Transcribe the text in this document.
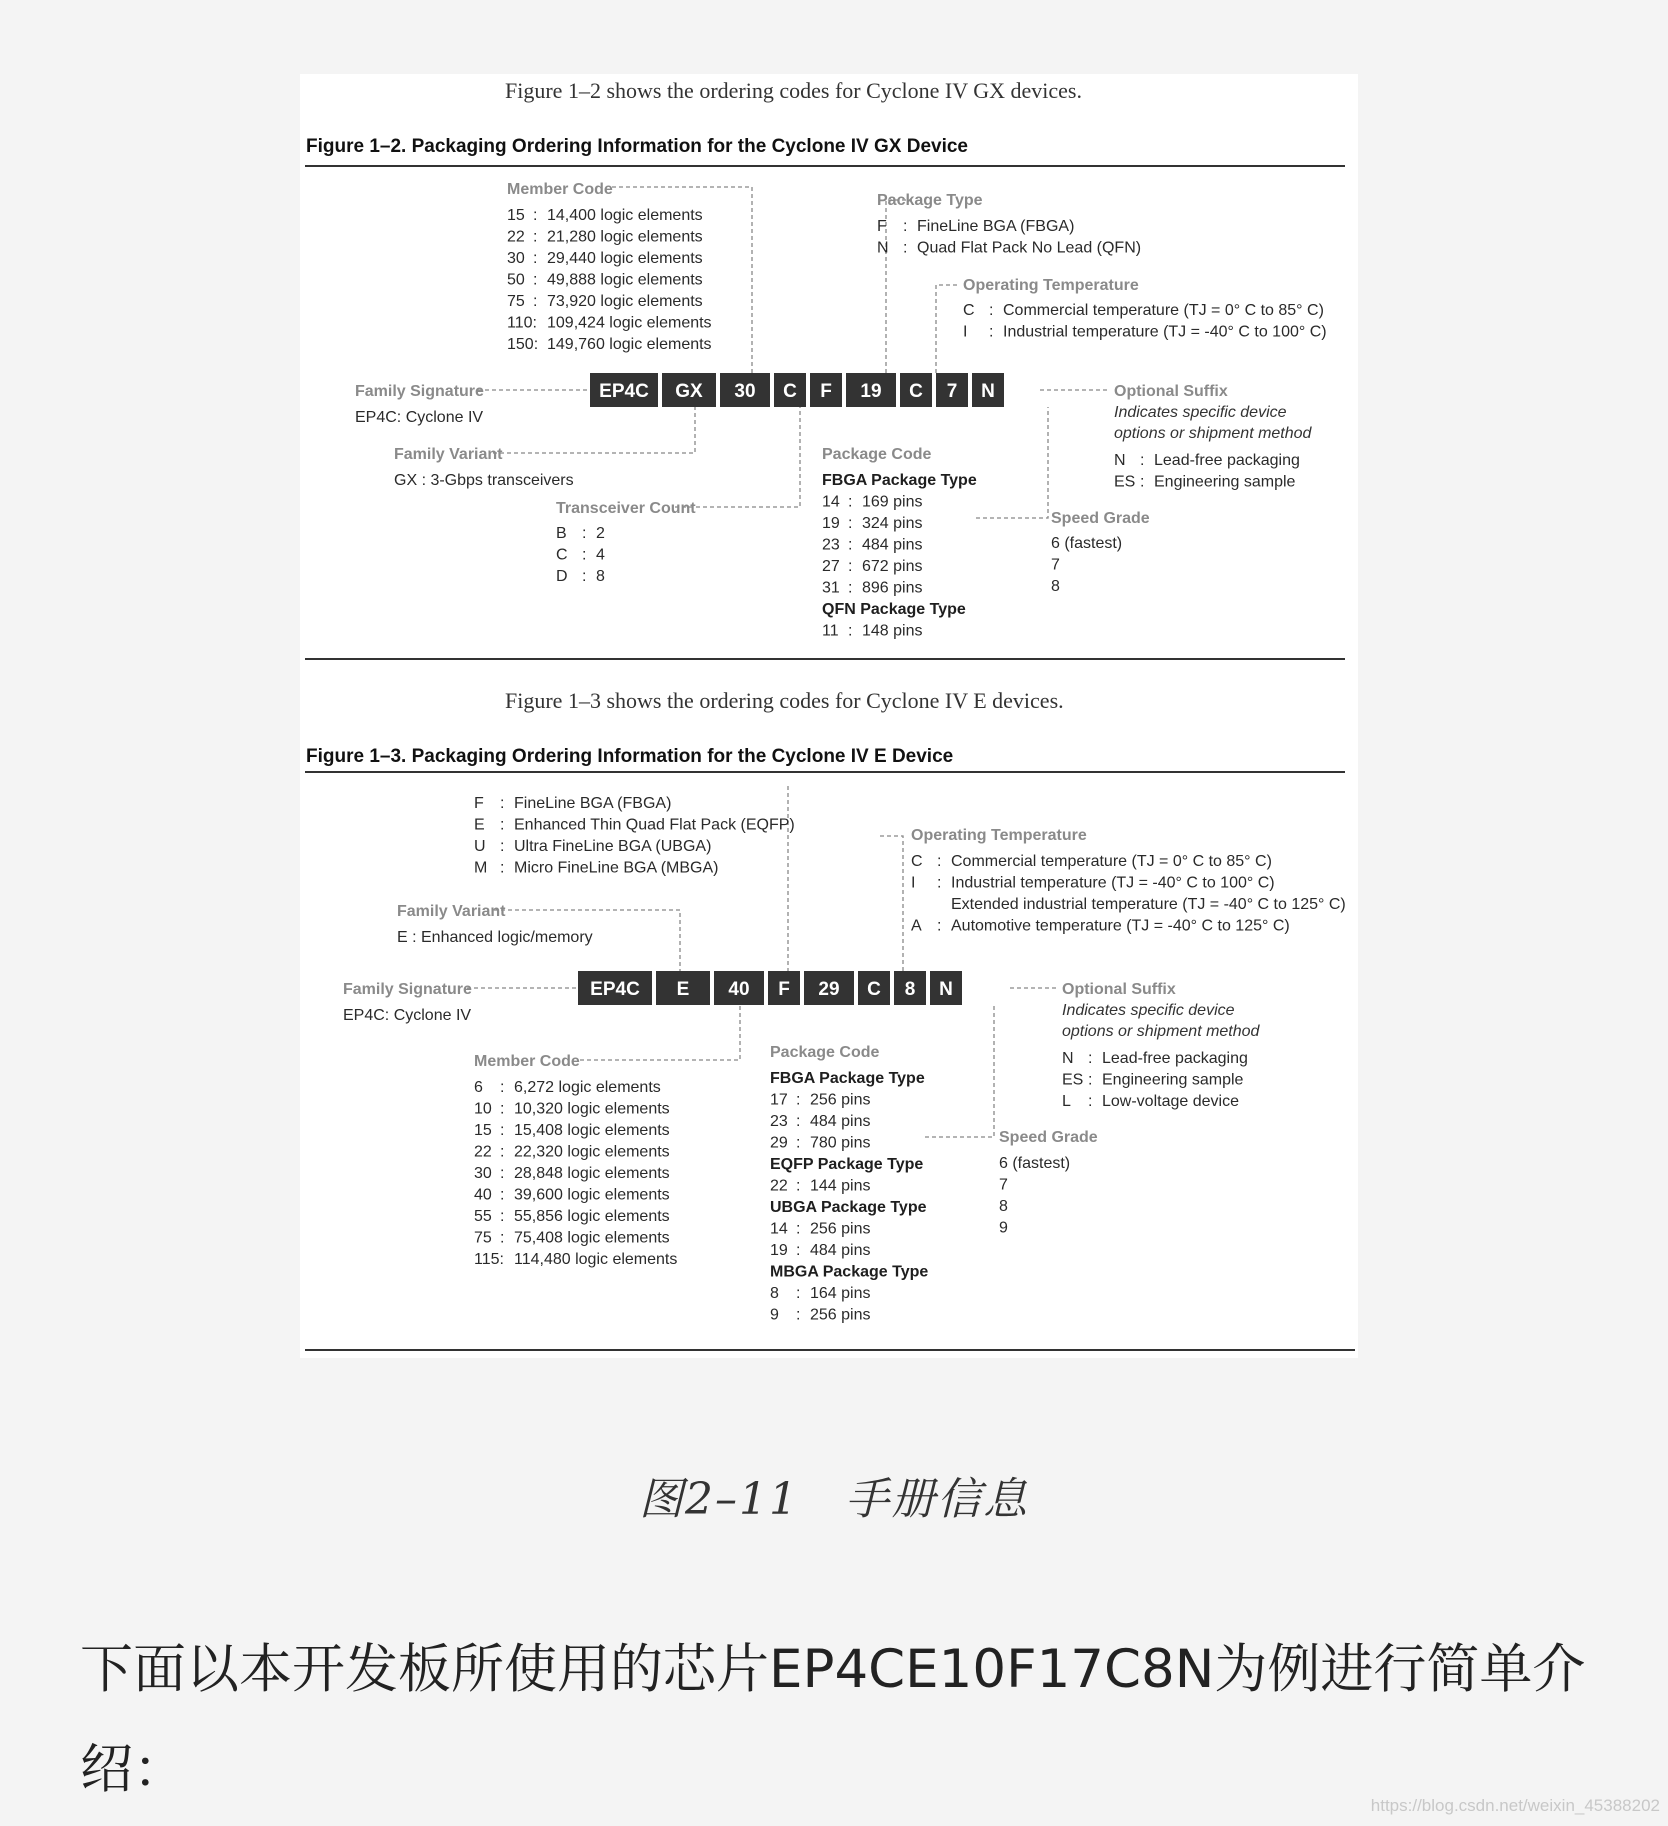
Figure 1–2 shows the ordering codes for Cyclone IV GX devices.
Figure 1–2. Packaging Ordering Information for the Cyclone IV GX Device
EP4C GX 30 C F 19 C 7 N
Member Code
15 : 14,400 logic elements
22 : 21,280 logic elements
30 : 29,440 logic elements
50 : 49,888 logic elements
75 : 73,920 logic elements
110: 109,424 logic elements
150: 149,760 logic elements
Package Type
F : FineLine BGA (FBGA)
N : Quad Flat Pack No Lead (QFN)
Operating Temperature
C : Commercial temperature (TJ = 0° C to 85° C)
I : Industrial temperature (TJ = -40° C to 100° C)
Family Signature
EP4C: Cyclone IV
Optional Suffix
Indicates specific device
options or shipment method
N : Lead-free packaging
ES : Engineering sample
Family Variant
GX : 3-Gbps transceivers
Transceiver Count
B : 2
C : 4
D : 8
Package Code
FBGA Package Type
14 : 169 pins
19 : 324 pins
23 : 484 pins
27 : 672 pins
31 : 896 pins
QFN Package Type
11 : 148 pins
Speed Grade
6 (fastest)
7
8
Figure 1–3 shows the ordering codes for Cyclone IV E devices.
Figure 1–3. Packaging Ordering Information for the Cyclone IV E Device
EP4C E 40 F 29 C 8 N
F : FineLine BGA (FBGA)
E : Enhanced Thin Quad Flat Pack (EQFP)
U : Ultra FineLine BGA (UBGA)
M : Micro FineLine BGA (MBGA)
Operating Temperature
C : Commercial temperature (TJ = 0° C to 85° C)
I : Industrial temperature (TJ = -40° C to 100° C)
Extended industrial temperature (TJ = -40° C to 125° C)
A : Automotive temperature (TJ = -40° C to 125° C)
Family Variant
E : Enhanced logic/memory
Family Signature
EP4C: Cyclone IV
Optional Suffix
Indicates specific device
options or shipment method
N : Lead-free packaging
ES : Engineering sample
L : Low-voltage device
Member Code
6 : 6,272 logic elements
10 : 10,320 logic elements
15 : 15,408 logic elements
22 : 22,320 logic elements
30 : 28,848 logic elements
40 : 39,600 logic elements
55 : 55,856 logic elements
75 : 75,408 logic elements
115: 114,480 logic elements
Package Code
FBGA Package Type
17 : 256 pins
23 : 484 pins
29 : 780 pins
EQFP Package Type
22 : 144 pins
UBGA Package Type
14 : 256 pins
19 : 484 pins
MBGA Package Type
8 : 164 pins
9 : 256 pins
Speed Grade
6 (fastest)
7
8
9
图2–11　手册信息
下面以本开发板所使用的芯片EP4CE10F17C8N为例进行简单介绍：
https://blog.csdn.net/weixin_45388202
